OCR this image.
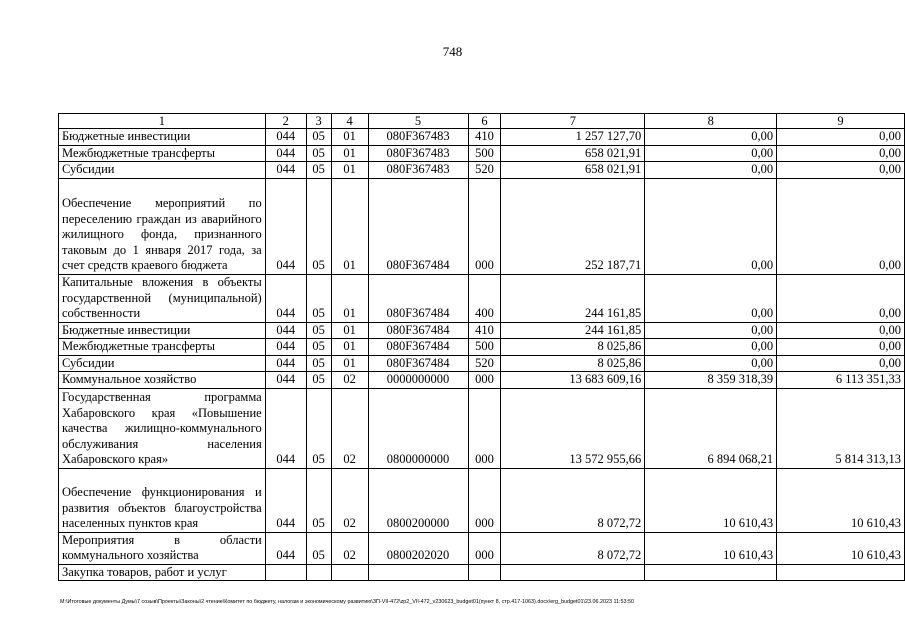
748
1	2	3	4	5	6	7	8	9
Бюджетные инвестиции	044	05	01	080F367483	410	1 257 127,70	0,00	0,00
Межбюджетные трансферты	044	05	01	080F367483	500	658 021,91	0,00	0,00
Субсидии	044	05	01	080F367483	520	658 021,91	0,00	0,00
Обеспечение мероприятий по переселению граждан из аварийного жилищного фонда, признанного таковым до 1 января 2017 года, за счет средств краевого бюджета	044	05	01	080F367484	000	252 187,71	0,00	0,00
Капитальные вложения в объекты государственной (муниципальной) собственности	044	05	01	080F367484	400	244 161,85	0,00	0,00
Бюджетные инвестиции	044	05	01	080F367484	410	244 161,85	0,00	0,00
Межбюджетные трансферты	044	05	01	080F367484	500	8 025,86	0,00	0,00
Субсидии	044	05	01	080F367484	520	8 025,86	0,00	0,00
Коммунальное хозяйство	044	05	02	0000000000	000	13 683 609,16	8 359 318,39	6 113 351,33
Государственная программа Хабаровского края «Повышение качества жилищно-коммунального обслуживания населения Хабаровского края»	044	05	02	0800000000	000	13 572 955,66	6 894 068,21	5 814 313,13
Обеспечение функционирования и развития объектов благоустройства населенных пунктов края	044	05	02	0800200000	000	8 072,72	10 610,43	10 610,43
Мероприятия в области коммунального хозяйства	044	05	02	0800202020	000	8 072,72	10 610,43	10 610,43
Закупка товаров, работ и услуг								
M:\Итоговые документы Думы\7 созыв\Проекты\Законы\2 чтение\Комитет по бюджету, налогам и экономическому развитию\ЗП-VII-472\zp2_VII-472_v230623_budget01(пункт 8, стр.417-1063).docx\erg_budget01\23.06.2023 11:53:50
